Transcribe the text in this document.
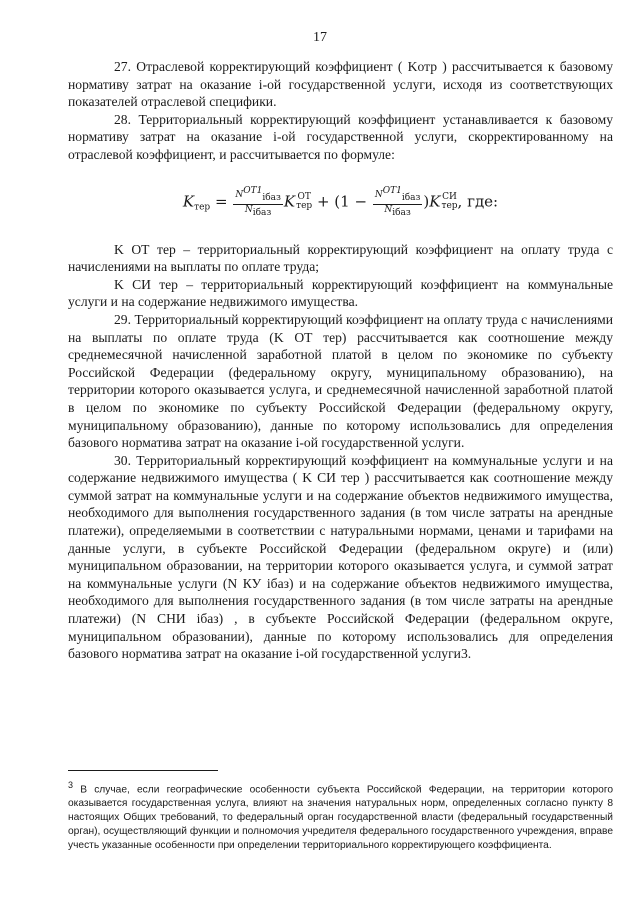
17

27. Отраслевой корректирующий коэффициент ( Kотр ) рассчитывается к базовому нормативу затрат на оказание i-ой государственной услуги, исходя из соответствующих показателей отраслевой специфики.

28. Территориальный корректирующий коэффициент устанавливается к базовому нормативу затрат на оказание i-ой государственной услуги, скорректированному на отраслевой коэффициент, и рассчитывается по формуле:

$K_{тер} = \frac{N^{ОТ1}iбаз}{\text{Niбаз}}$ K ОТ
тер + $(1 - \frac{N^{ОТ1}iбаз}{\text{Niбаз}} )K$ СИ
тер , где:

K ОТ тер – территориальный корректирующий коэффициент на оплату труда с начислениями на выплаты по оплате труда;

K СИ тер – территориальный корректирующий коэффициент на коммунальные услуги и на содержание недвижимого имущества.

29. Территориальный корректирующий коэффициент на оплату труда с начислениями на выплаты по оплате труда (K ОТ тер) рассчитывается как соотношение между среднемесячной начисленной заработной платой в целом по экономике по субъекту Российской Федерации (федеральному округу, муниципальному образованию), на территории которого оказывается услуга, и среднемесячной начисленной заработной платой в целом по экономике по субъекту Российской Федерации (федеральному округу, муниципальному образованию), данные по которому использовались для определения базового норматива затрат на оказание i-ой государственной услуги.

30. Территориальный корректирующий коэффициент на коммунальные услуги и на содержание недвижимого имущества ( K СИ тер ) рассчитывается как соотношение между суммой затрат на коммунальные услуги и на содержание объектов недвижимого имущества, необходимого для выполнения государственного задания (в том числе затраты на арендные платежи), определяемыми в соответствии с натуральными нормами, ценами и тарифами на данные услуги, в субъекте Российской Федерации (федеральном округе) и (или) муниципальном образовании, на территории которого оказывается услуга, и суммой затрат на коммунальные услуги (N КУ iбаз) и на содержание объектов недвижимого имущества, необходимого для выполнения государственного задания (в том числе затраты на арендные платежи) (N СНИ iбаз) , в субъекте Российской Федерации (федеральном округе, муниципальном образовании), данные по которому использовались для определения базового норматива затрат на оказание i-ой государственной услуги3.

$^3$ В случае, если географические особенности субъекта Российской Федерации, на территории которого оказывается государственная услуга, влияют на значения натуральных норм, определенных согласно пункту 8 настоящих Общих требований, то федеральный орган государственной власти (федеральный государственный орган), осуществляющий функции и полномочия учредителя федерального государственного учреждения, вправе учесть указанные особенности при определении территориального корректирующего коэффициента.
